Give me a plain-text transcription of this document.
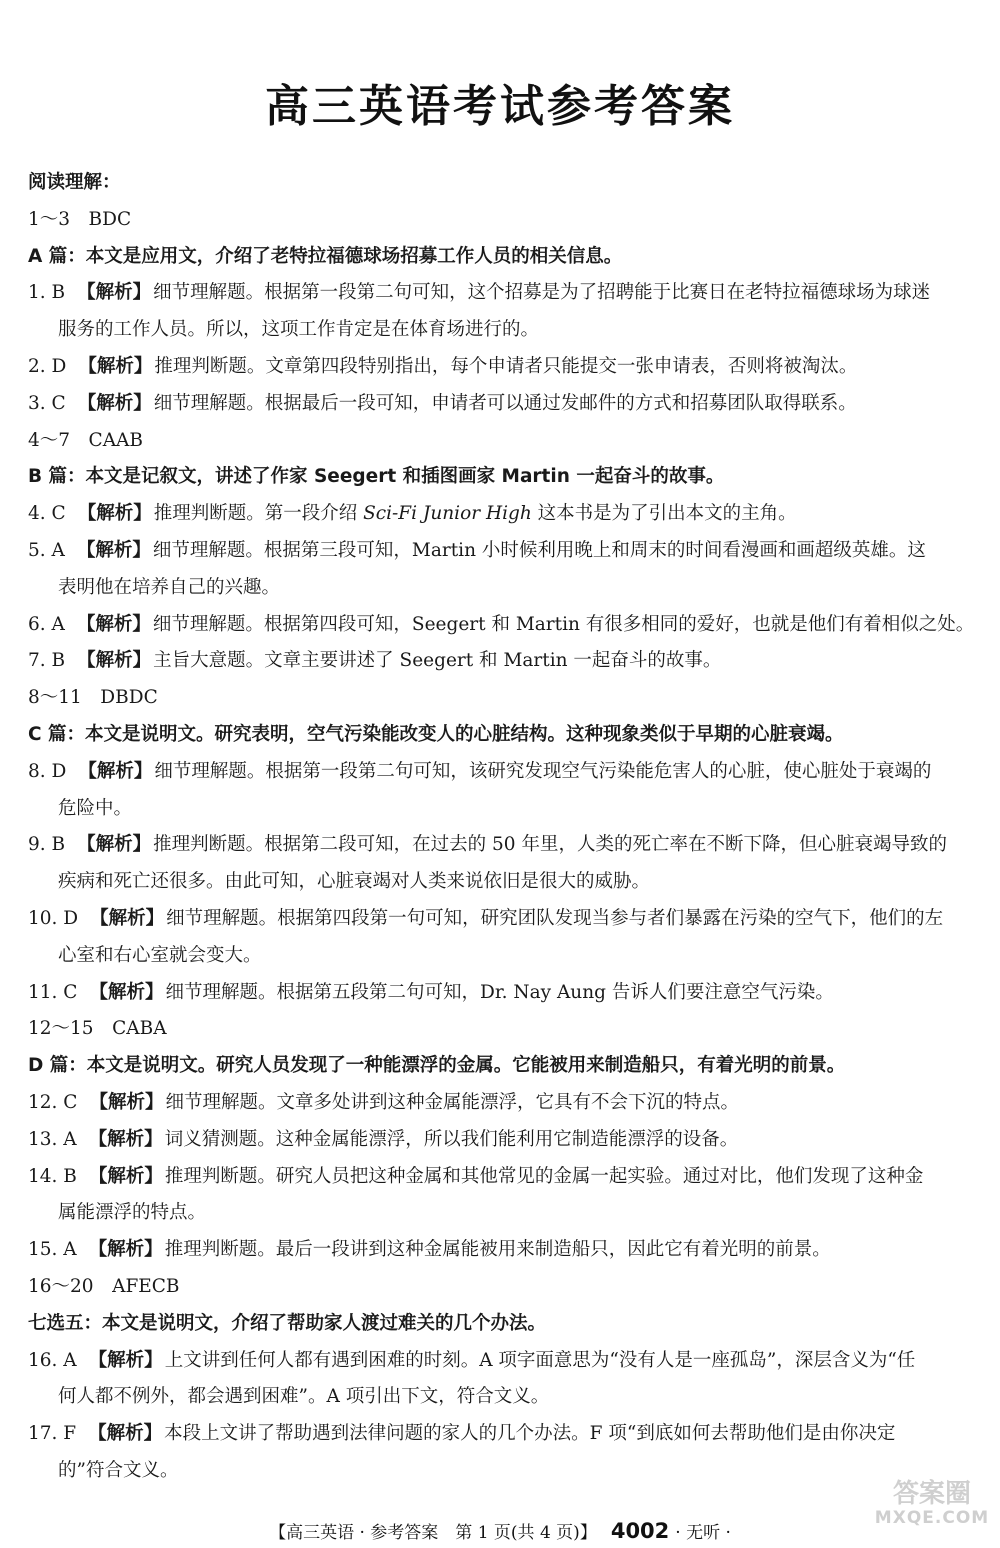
高三英语考试参考答案
阅读理解：
1～3　BDC
A 篇：本文是应用文，介绍了老特拉福德球场招募工作人员的相关信息。
1. B 【解析】 细节理解题。根据第一段第二句可知，这个招募是为了招聘能于比赛日在老特拉福德球场为球迷
服务的工作人员。所以，这项工作肯定是在体育场进行的。
2. D 【解析】 推理判断题。文章第四段特别指出，每个申请者只能提交一张申请表，否则将被淘汰。
3. C 【解析】 细节理解题。根据最后一段可知，申请者可以通过发邮件的方式和招募团队取得联系。
4～7　CAAB
B 篇：本文是记叙文，讲述了作家 Seegert 和插图画家 Martin 一起奋斗的故事。
4. C 【解析】 推理判断题。第一段介绍 Sci-Fi Junior High 这本书是为了引出本文的主角。
5. A 【解析】 细节理解题。根据第三段可知，Martin 小时候利用晚上和周末的时间看漫画和画超级英雄。这
表明他在培养自己的兴趣。
6. A 【解析】 细节理解题。根据第四段可知，Seegert 和 Martin 有很多相同的爱好，也就是他们有着相似之处。
7. B 【解析】 主旨大意题。文章主要讲述了 Seegert 和 Martin 一起奋斗的故事。
8～11　DBDC
C 篇：本文是说明文。研究表明，空气污染能改变人的心脏结构。这种现象类似于早期的心脏衰竭。
8. D 【解析】 细节理解题。根据第一段第二句可知，该研究发现空气污染能危害人的心脏，使心脏处于衰竭的
危险中。
9. B 【解析】 推理判断题。根据第二段可知，在过去的 50 年里，人类的死亡率在不断下降，但心脏衰竭导致的
疾病和死亡还很多。由此可知，心脏衰竭对人类来说依旧是很大的威胁。
10. D 【解析】 细节理解题。根据第四段第一句可知，研究团队发现当参与者们暴露在污染的空气下，他们的左
心室和右心室就会变大。
11. C 【解析】 细节理解题。根据第五段第二句可知，Dr. Nay Aung 告诉人们要注意空气污染。
12～15　CABA
D 篇：本文是说明文。研究人员发现了一种能漂浮的金属。它能被用来制造船只，有着光明的前景。
12. C 【解析】 细节理解题。文章多处讲到这种金属能漂浮，它具有不会下沉的特点。
13. A 【解析】 词义猜测题。这种金属能漂浮，所以我们能利用它制造能漂浮的设备。
14. B 【解析】 推理判断题。研究人员把这种金属和其他常见的金属一起实验。通过对比，他们发现了这种金
属能漂浮的特点。
15. A 【解析】 推理判断题。最后一段讲到这种金属能被用来制造船只，因此它有着光明的前景。
16～20　AFECB
七选五：本文是说明文，介绍了帮助家人渡过难关的几个办法。
16. A 【解析】 上文讲到任何人都有遇到困难的时刻。A 项字面意思为“没有人是一座孤岛”，深层含义为“任
何人都不例外，都会遇到困难”。A 项引出下文，符合文义。
17. F 【解析】 本段上文讲了帮助遇到法律问题的家人的几个办法。F 项“到底如何去帮助他们是由你决定
的”符合文义。
【高三英语 · 参考答案　第 1 页(共 4 页)】 4002 · 无听 ·
答案圈
MXQE.COM
